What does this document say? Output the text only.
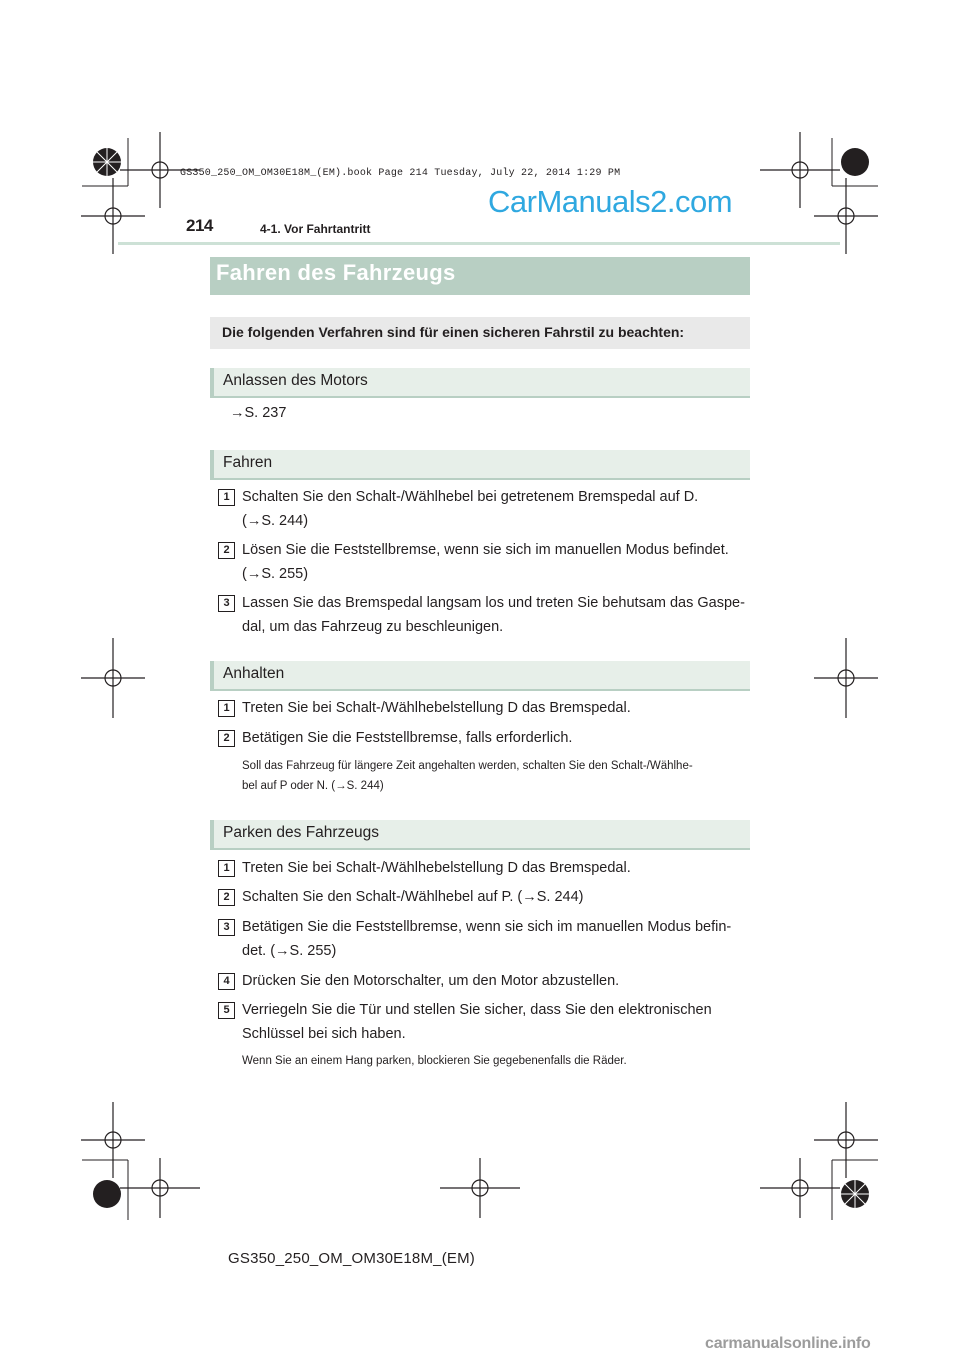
GS350_250_OM_OM30E18M_(EM).book Page 214 Tuesday, July 22, 2014 1:29 PM
CarManuals2.com
214	4-1. Vor Fahrtantritt
Fahren des Fahrzeugs
Die folgenden Verfahren sind für einen sicheren Fahrstil zu beachten:
Anlassen des Motors
→S. 237
Fahren
1 Schalten Sie den Schalt-/Wählhebel bei getretenem Bremspedal auf D.
(→S. 244)
2 Lösen Sie die Feststellbremse, wenn sie sich im manuellen Modus befindet.
(→S. 255)
3 Lassen Sie das Bremspedal langsam los und treten Sie behutsam das Gaspe-
dal, um das Fahrzeug zu beschleunigen.
Anhalten
1 Treten Sie bei Schalt-/Wählhebelstellung D das Bremspedal.
2 Betätigen Sie die Feststellbremse, falls erforderlich.
Soll das Fahrzeug für längere Zeit angehalten werden, schalten Sie den Schalt-/Wählhe-
bel auf P oder N. (→S. 244)
Parken des Fahrzeugs
1 Treten Sie bei Schalt-/Wählhebelstellung D das Bremspedal.
2 Schalten Sie den Schalt-/Wählhebel auf P. (→S. 244)
3 Betätigen Sie die Feststellbremse, wenn sie sich im manuellen Modus befin-
det. (→S. 255)
4 Drücken Sie den Motorschalter, um den Motor abzustellen.
5 Verriegeln Sie die Tür und stellen Sie sicher, dass Sie den elektronischen
Schlüssel bei sich haben.
Wenn Sie an einem Hang parken, blockieren Sie gegebenenfalls die Räder.
GS350_250_OM_OM30E18M_(EM)
carmanualsonline.info
